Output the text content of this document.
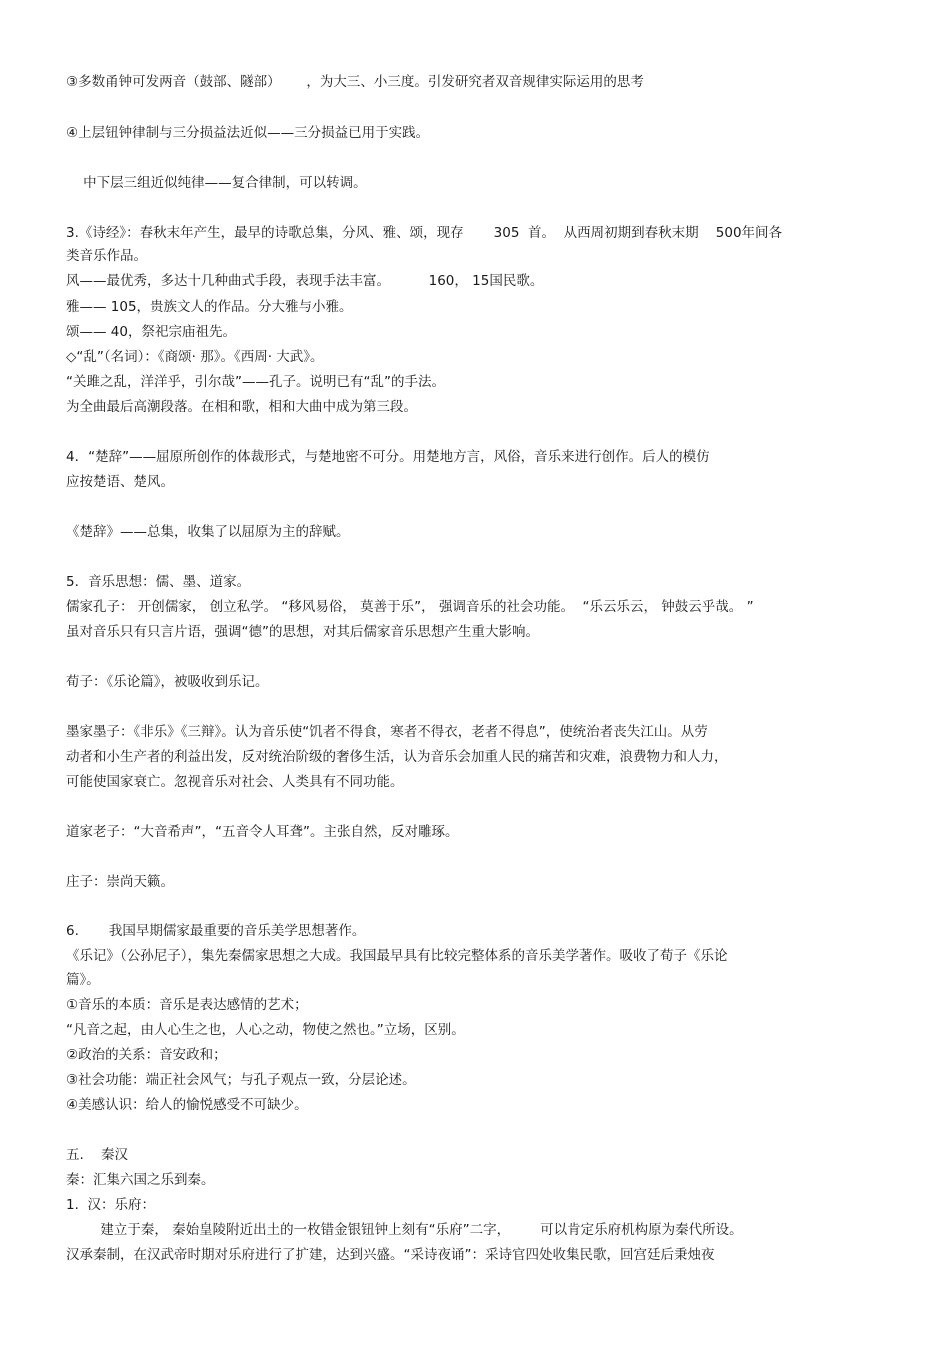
③多数甬钟可发两音（鼓部、隧部）      ，为大三、小三度。引发研究者双音规律实际运用的思考
④上层钮钟律制与三分损益法近似——三分损益已用于实践。
中下层三组近似纯律——复合律制，可以转调。
3.《诗经》：春秋末年产生，最早的诗歌总集，分风、雅、颂，现存       305  首。  从西周初期到春秋末期    500年间各
类音乐作品。
风——最优秀，多达十几种曲式手段，表现手法丰富。         160， 15国民歌。
雅—— 105，贵族文人的作品。分大雅与小雅。
颂—— 40，祭祀宗庙祖先。
◇“乱”（名词）：《商颂· 那》。《西周· 大武》。
“关雎之乱，洋洋乎，引尔哉”——孔子。说明已有“乱”的手法。
为全曲最后高潮段落。在相和歌，相和大曲中成为第三段。
4．“楚辞”——屈原所创作的体裁形式，与楚地密不可分。用楚地方言，风俗，音乐来进行创作。后人的模仿
应按楚语、楚风。
《楚辞》——总集，收集了以屈原为主的辞赋。
5．音乐思想：儒、墨、道家。
儒家孔子： 开创儒家， 创立私学。 “移风易俗， 莫善于乐”， 强调音乐的社会功能。  “乐云乐云， 钟鼓云乎哉。 ”
虽对音乐只有只言片语，强调“德”的思想，对其后儒家音乐思想产生重大影响。
荀子：《乐论篇》，被吸收到乐记。
墨家墨子：《非乐》《三辩》。认为音乐使“饥者不得食，寒者不得衣，老者不得息”，使统治者丧失江山。从劳
动者和小生产者的利益出发，反对统治阶级的奢侈生活，认为音乐会加重人民的痛苦和灾难，浪费物力和人力，
可能使国家衰亡。忽视音乐对社会、人类具有不同功能。
道家老子：“大音希声”，“五音令人耳聋”。主张自然，反对雕琢。
庄子：崇尚天籁。
6.       我国早期儒家最重要的音乐美学思想著作。
《乐记》（公孙尼子），集先秦儒家思想之大成。我国最早具有比较完整体系的音乐美学著作。吸收了荀子《乐论
篇》。
①音乐的本质：音乐是表达感情的艺术；
“凡音之起，由人心生之也，人心之动，物使之然也。”立场，区别。
②政治的关系：音安政和；
③社会功能：端正社会风气；与孔子观点一致，分层论述。
④美感认识：给人的愉悦感受不可缺少。
五.    秦汉
秦：汇集六国之乐到秦。
1.  汉：乐府：
建立于秦， 秦始皇陵附近出土的一枚错金银钮钟上刻有“乐府”二字，       可以肯定乐府机构原为秦代所设。
汉承秦制，在汉武帝时期对乐府进行了扩建，达到兴盛。“采诗夜诵”：采诗官四处收集民歌，回宫廷后秉烛夜
